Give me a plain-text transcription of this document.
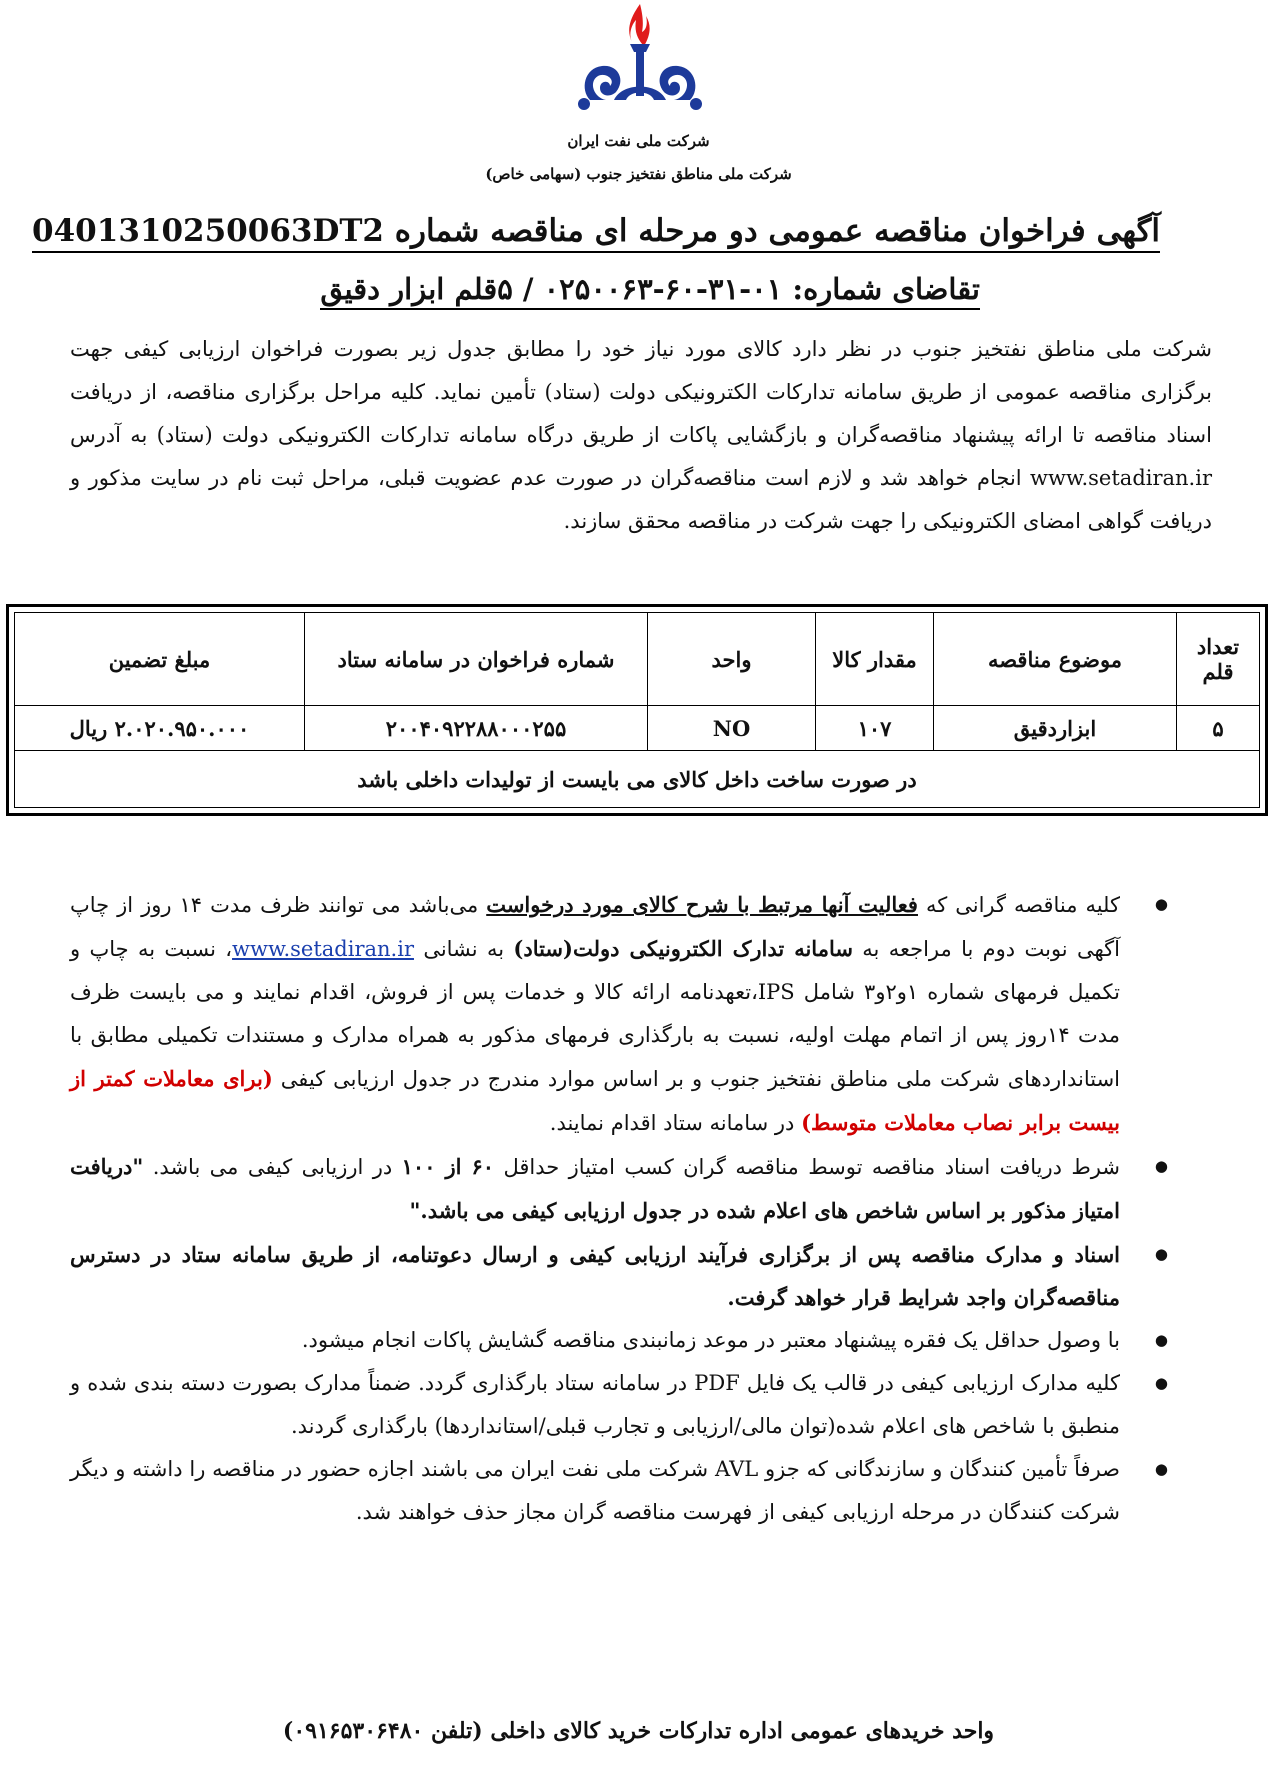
شرکت ملی نفت ایران
شرکت ملی مناطق نفتخیز جنوب (سهامی خاص)
آگهی فراخوان مناقصه عمومی دو مرحله ای مناقصه شماره 0401310250063DT2
تقاضای شماره: ۰۱-۳۱-۶۰-۰۲۵۰۰۶۳ / ۵قلم ابزار دقیق
شرکت ملی مناطق نفتخیز جنوب در نظر دارد کالای مورد نیاز خود را مطابق جدول زیر بصورت فراخوان ارزیابی کیفی جهت برگزاری مناقصه عمومی از طریق سامانه تدارکات الکترونیکی دولت (ستاد) تأمین نماید. کلیه مراحل برگزاری مناقصه، از دریافت اسناد مناقصه تا ارائه پیشنهاد مناقصه‌گران و بازگشایی پاکات از طریق درگاه سامانه تدارکات الکترونیکی دولت (ستاد) به آدرس www.setadiran.ir انجام خواهد شد و لازم است مناقصه‌گران در صورت عدم عضویت قبلی، مراحل ثبت نام در سایت مذکور و دریافت گواهی امضای الکترونیکی را جهت شرکت در مناقصه محقق سازند.
تعداد قلم	موضوع مناقصه	مقدار کالا	واحد	شماره فراخوان در سامانه ستاد	مبلغ تضمین
۵	ابزاردقیق	۱۰۷	NO	۲۰۰۴۰۹۲۲۸۸۰۰۰۲۵۵	۲.۰۲۰.۹۵۰.۰۰۰ ریال
در صورت ساخت داخل کالای می بایست از تولیدات داخلی باشد					
● کلیه مناقصه گرانی که فعالیت آنها مرتبط با شرح کالای مورد درخواست می‌باشد می توانند ظرف مدت ۱۴ روز از چاپ آگهی نوبت دوم با مراجعه به سامانه تدارک الکترونیکی دولت(ستاد) به نشانی www.setadiran.ir، نسبت به چاپ و تکمیل فرمهای شماره ۱و۲و۳ شامل IPS،تعهدنامه ارائه کالا و خدمات پس از فروش، اقدام نمایند و می بایست ظرف مدت ۱۴روز پس از اتمام مهلت اولیه، نسبت به بارگذاری فرمهای مذکور به همراه مدارک و مستندات تکمیلی مطابق با استانداردهای شرکت ملی مناطق نفتخیز جنوب و بر اساس موارد مندرج در جدول ارزیابی کیفی (برای معاملات کمتر از بیست برابر نصاب معاملات متوسط) در سامانه ستاد اقدام نمایند.
● شرط دریافت اسناد مناقصه توسط مناقصه گران کسب امتیاز حداقل ۶۰ از ۱۰۰ در ارزیابی کیفی می باشد. "دریافت امتیاز مذکور بر اساس شاخص های اعلام شده در جدول ارزیابی کیفی می باشد."
● اسناد و مدارک مناقصه پس از برگزاری فرآیند ارزیابی کیفی و ارسال دعوتنامه، از طریق سامانه ستاد در دسترس مناقصه‌گران واجد شرایط قرار خواهد گرفت.
● با وصول حداقل یک فقره پیشنهاد معتبر در موعد زمانبندی مناقصه گشایش پاکات انجام میشود.
● کلیه مدارک ارزیابی کیفی در قالب یک فایل PDF در سامانه ستاد بارگذاری گردد. ضمناً مدارک بصورت دسته بندی شده و منطبق با شاخص های اعلام شده(توان مالی/ارزیابی و تجارب قبلی/استانداردها) بارگذاری گردند.
● صرفاً تأمین کنندگان و سازندگانی که جزو AVL شرکت ملی نفت ایران می باشند اجازه حضور در مناقصه را داشته و دیگر شرکت کنندگان در مرحله ارزیابی کیفی از فهرست مناقصه گران مجاز حذف خواهند شد.
واحد خریدهای عمومی اداره تدارکات خرید کالای داخلی (تلفن ۰۹۱۶۵۳۰۶۴۸۰)
